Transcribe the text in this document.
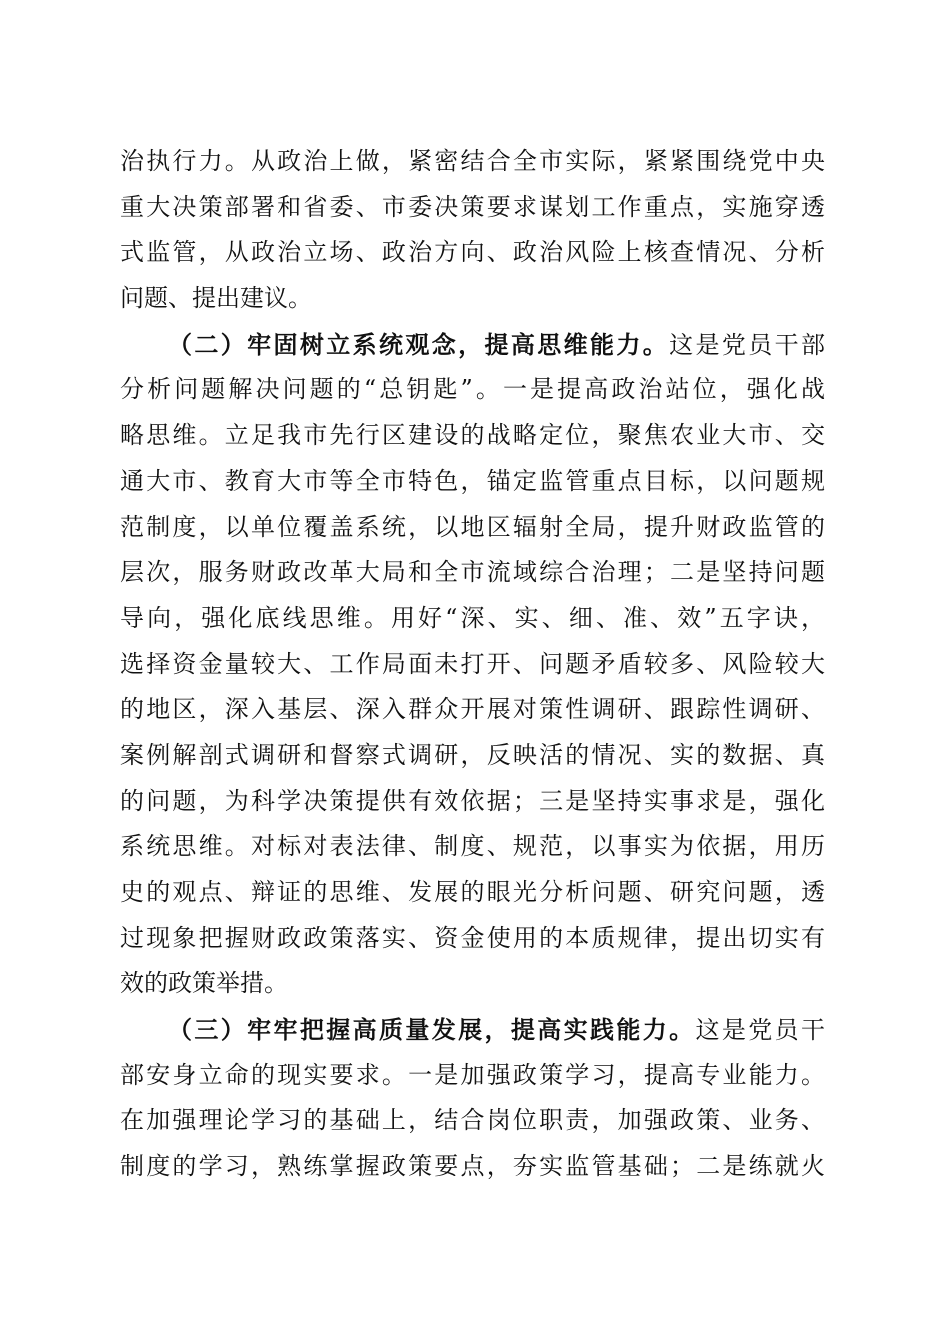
治执行力。从政治上做，紧密结合全市实际，紧紧围绕党中央
重大决策部署和省委、市委决策要求谋划工作重点，实施穿透
式监管，从政治立场、政治方向、政治风险上核查情况、分析
问题、提出建议。
（二）牢固树立系统观念，提高思维能力。这是党员干部
分析问题解决问题的“总钥匙”。一是提高政治站位，强化战
略思维。立足我市先行区建设的战略定位，聚焦农业大市、交
通大市、教育大市等全市特色，锚定监管重点目标，以问题规
范制度，以单位覆盖系统，以地区辐射全局，提升财政监管的
层次，服务财政改革大局和全市流域综合治理；二是坚持问题
导向，强化底线思维。用好“深、实、细、准、效”五字诀，
选择资金量较大、工作局面未打开、问题矛盾较多、风险较大
的地区，深入基层、深入群众开展对策性调研、跟踪性调研、
案例解剖式调研和督察式调研，反映活的情况、实的数据、真
的问题，为科学决策提供有效依据；三是坚持实事求是，强化
系统思维。对标对表法律、制度、规范，以事实为依据，用历
史的观点、辩证的思维、发展的眼光分析问题、研究问题，透
过现象把握财政政策落实、资金使用的本质规律，提出切实有
效的政策举措。
（三）牢牢把握高质量发展，提高实践能力。这是党员干
部安身立命的现实要求。一是加强政策学习，提高专业能力。
在加强理论学习的基础上，结合岗位职责，加强政策、业务、
制度的学习，熟练掌握政策要点，夯实监管基础；二是练就火
